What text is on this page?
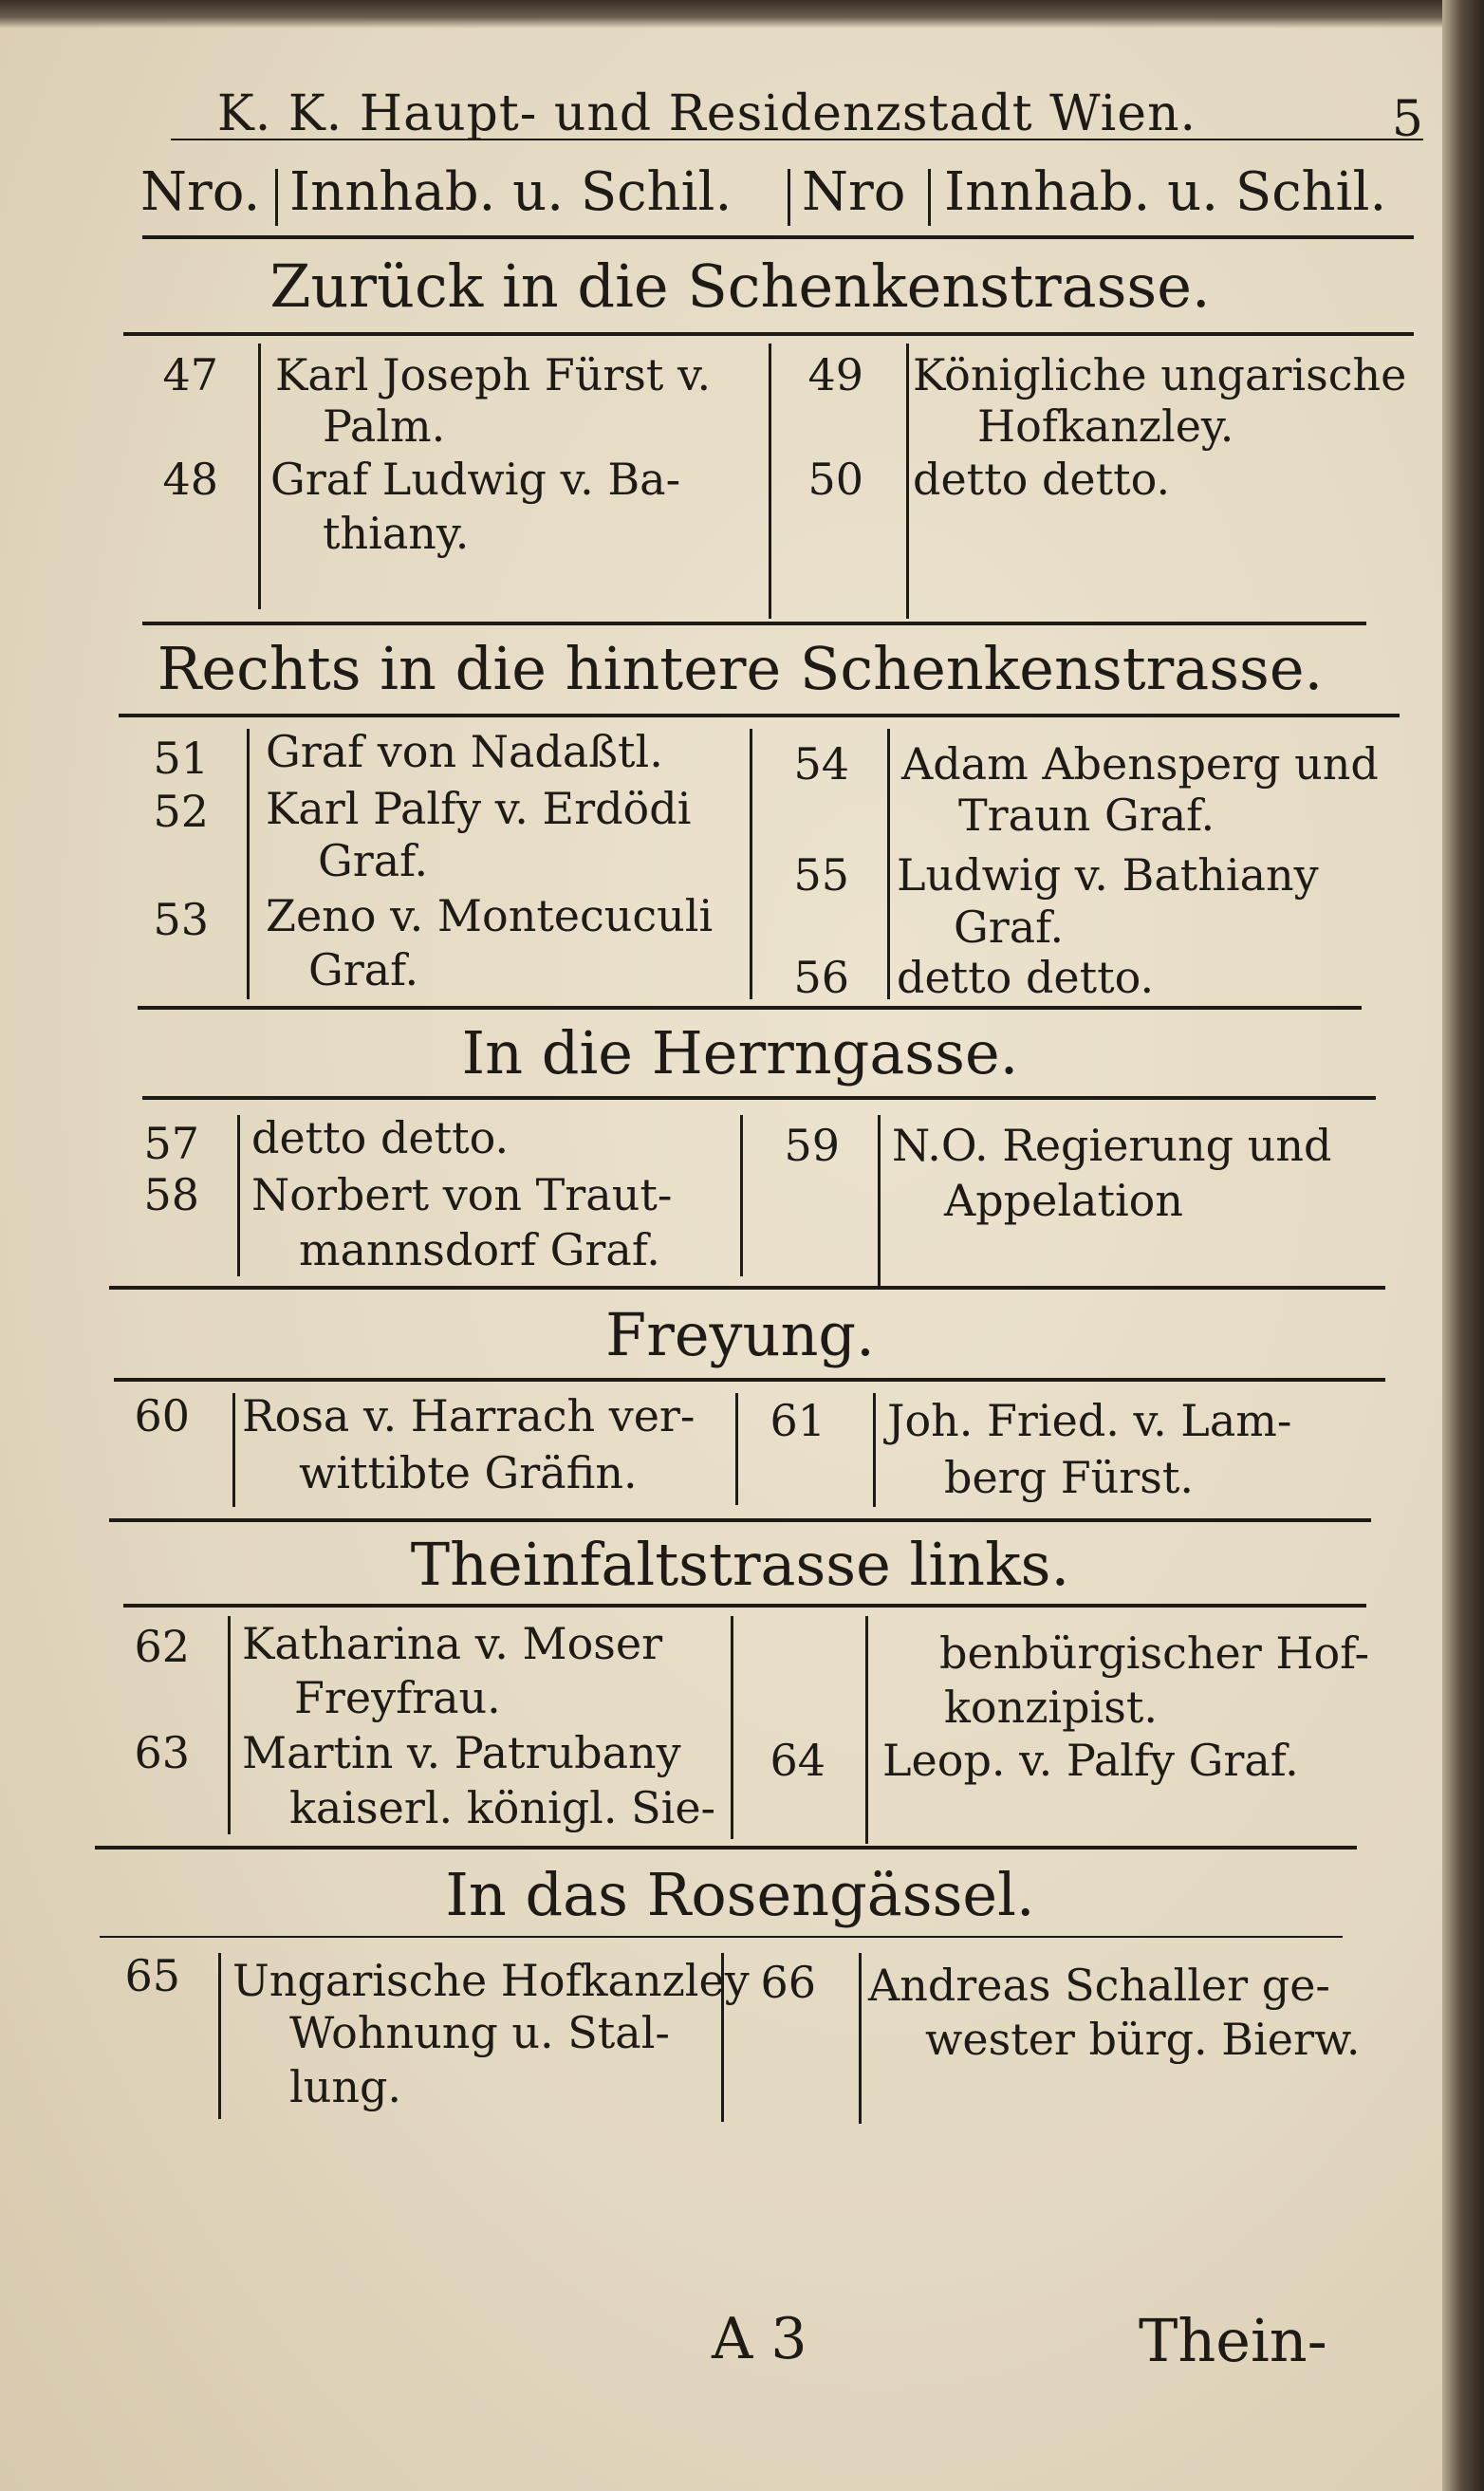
K. K. Haupt- und Residenzstadt Wien.	5
Nro. Innhab. u. Schil. Nro Innhab. u. Schil.
Zurück in die Schenkenstrasse.
47 Karl Joseph Fürst v.
Palm.
48 Graf Ludwig v. Ba-
thiany.
49 Königliche ungarische
Hofkanzley.
50 detto detto.
Rechts in die hintere Schenkenstrasse.
51 Graf von Nadaßtl.
52 Karl Palfy v. Erdödi
Graf.
53 Zeno v. Montecuculi
Graf.
54 Adam Abensperg und
Traun Graf.
55 Ludwig v. Bathiany
Graf.
56 detto detto.
In die Herrngasse.
57 detto detto.
58 Norbert von Traut-
mannsdorf Graf.
59 N.O. Regierung und
Appelation
Freyung.
60 Rosa v. Harrach ver-
wittibte Gräfin.
61 Joh. Fried. v. Lam-
berg Fürst.
Theinfaltstrasse links.
62 Katharina v. Moser
Freyfrau.
63 Martin v. Patrubany
kaiserl. königl. Sie-
benbürgischer Hof-
konzipist.
64 Leop. v. Palfy Graf.
In das Rosengässel.
65 Ungarische Hofkanzley
Wohnung u. Stal-
lung.
66 Andreas Schaller ge-
wester bürg. Bierw.
A 3	Thein-
